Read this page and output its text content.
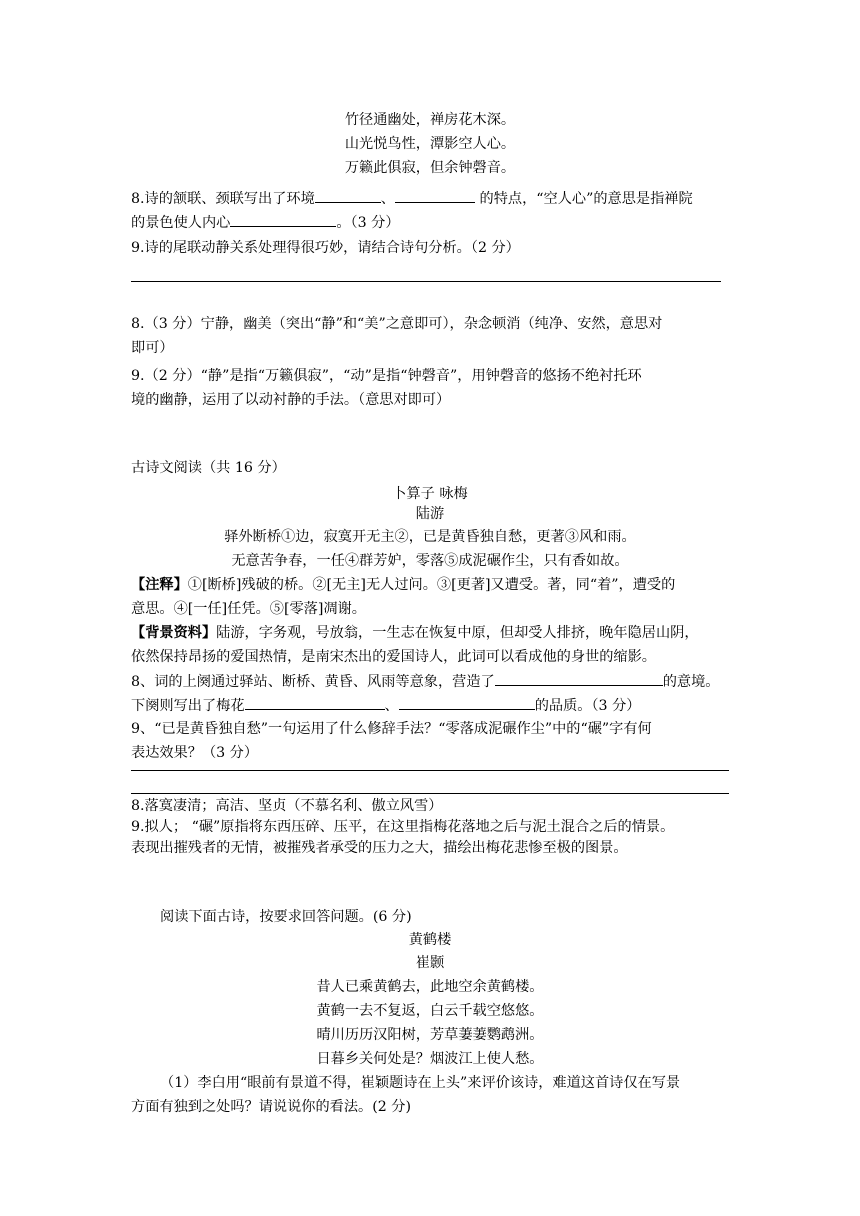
竹径通幽处，禅房花木深。
山光悦鸟性，潭影空人心。
万籁此俱寂，但余钟磬音。
8.诗的颔联、颈联写出了环境	、	的特点，“空人心”的意思是指禅院
的景色使人内心	。（3 分）
9.诗的尾联动静关系处理得很巧妙，请结合诗句分析。（2 分）
8.（3 分）宁静，幽美（突出“静”和“美”之意即可），杂念顿消（纯净、安然，意思对
即可）
9.（2 分）“静”是指“万籁俱寂”，“动”是指“钟磬音”，用钟磬音的悠扬不绝衬托环
境的幽静，运用了以动衬静的手法。（意思对即可）
古诗文阅读（共 16 分）
卜算子 咏梅
陆游
驿外断桥①边，寂寞开无主②，已是黄昏独自愁，更著③风和雨。
无意苦争春，一任④群芳妒，零落⑤成泥碾作尘，只有香如故。
【注释】①[断桥]残破的桥。②[无主]无人过问。③[更著]又遭受。著，同“着”，遭受的
意思。④[一任]任凭。⑤[零落]凋谢。
【背景资料】陆游，字务观，号放翁，一生志在恢复中原，但却受人排挤，晚年隐居山阴，
依然保持昂扬的爱国热情，是南宋杰出的爱国诗人，此词可以看成他的身世的缩影。
8、词的上阕通过驿站、断桥、黄昏、风雨等意象，营造了	的意境。
下阕则写出了梅花	、	的品质。（3 分）
9、“已是黄昏独自愁”一句运用了什么修辞手法？“零落成泥碾作尘”中的“碾”字有何
表达效果？（3 分）
8.落寞凄清；高洁、坚贞（不慕名利、傲立风雪）
9.拟人； “碾”原指将东西压碎、压平，在这里指梅花落地之后与泥土混合之后的情景。
表现出摧残者的无情，被摧残者承受的压力之大，描绘出梅花悲惨至极的图景。
阅读下面古诗，按要求回答问题。(6 分)
黄鹤楼
崔颢
昔人已乘黄鹤去，此地空余黄鹤楼。
黄鹤一去不复返，白云千载空悠悠。
晴川历历汉阳树，芳草萋萋鹦鹉洲。
日暮乡关何处是？烟波江上使人愁。
（1）李白用“眼前有景道不得，崔颖题诗在上头”来评价该诗，难道这首诗仅在写景
方面有独到之处吗？请说说你的看法。(2 分)
